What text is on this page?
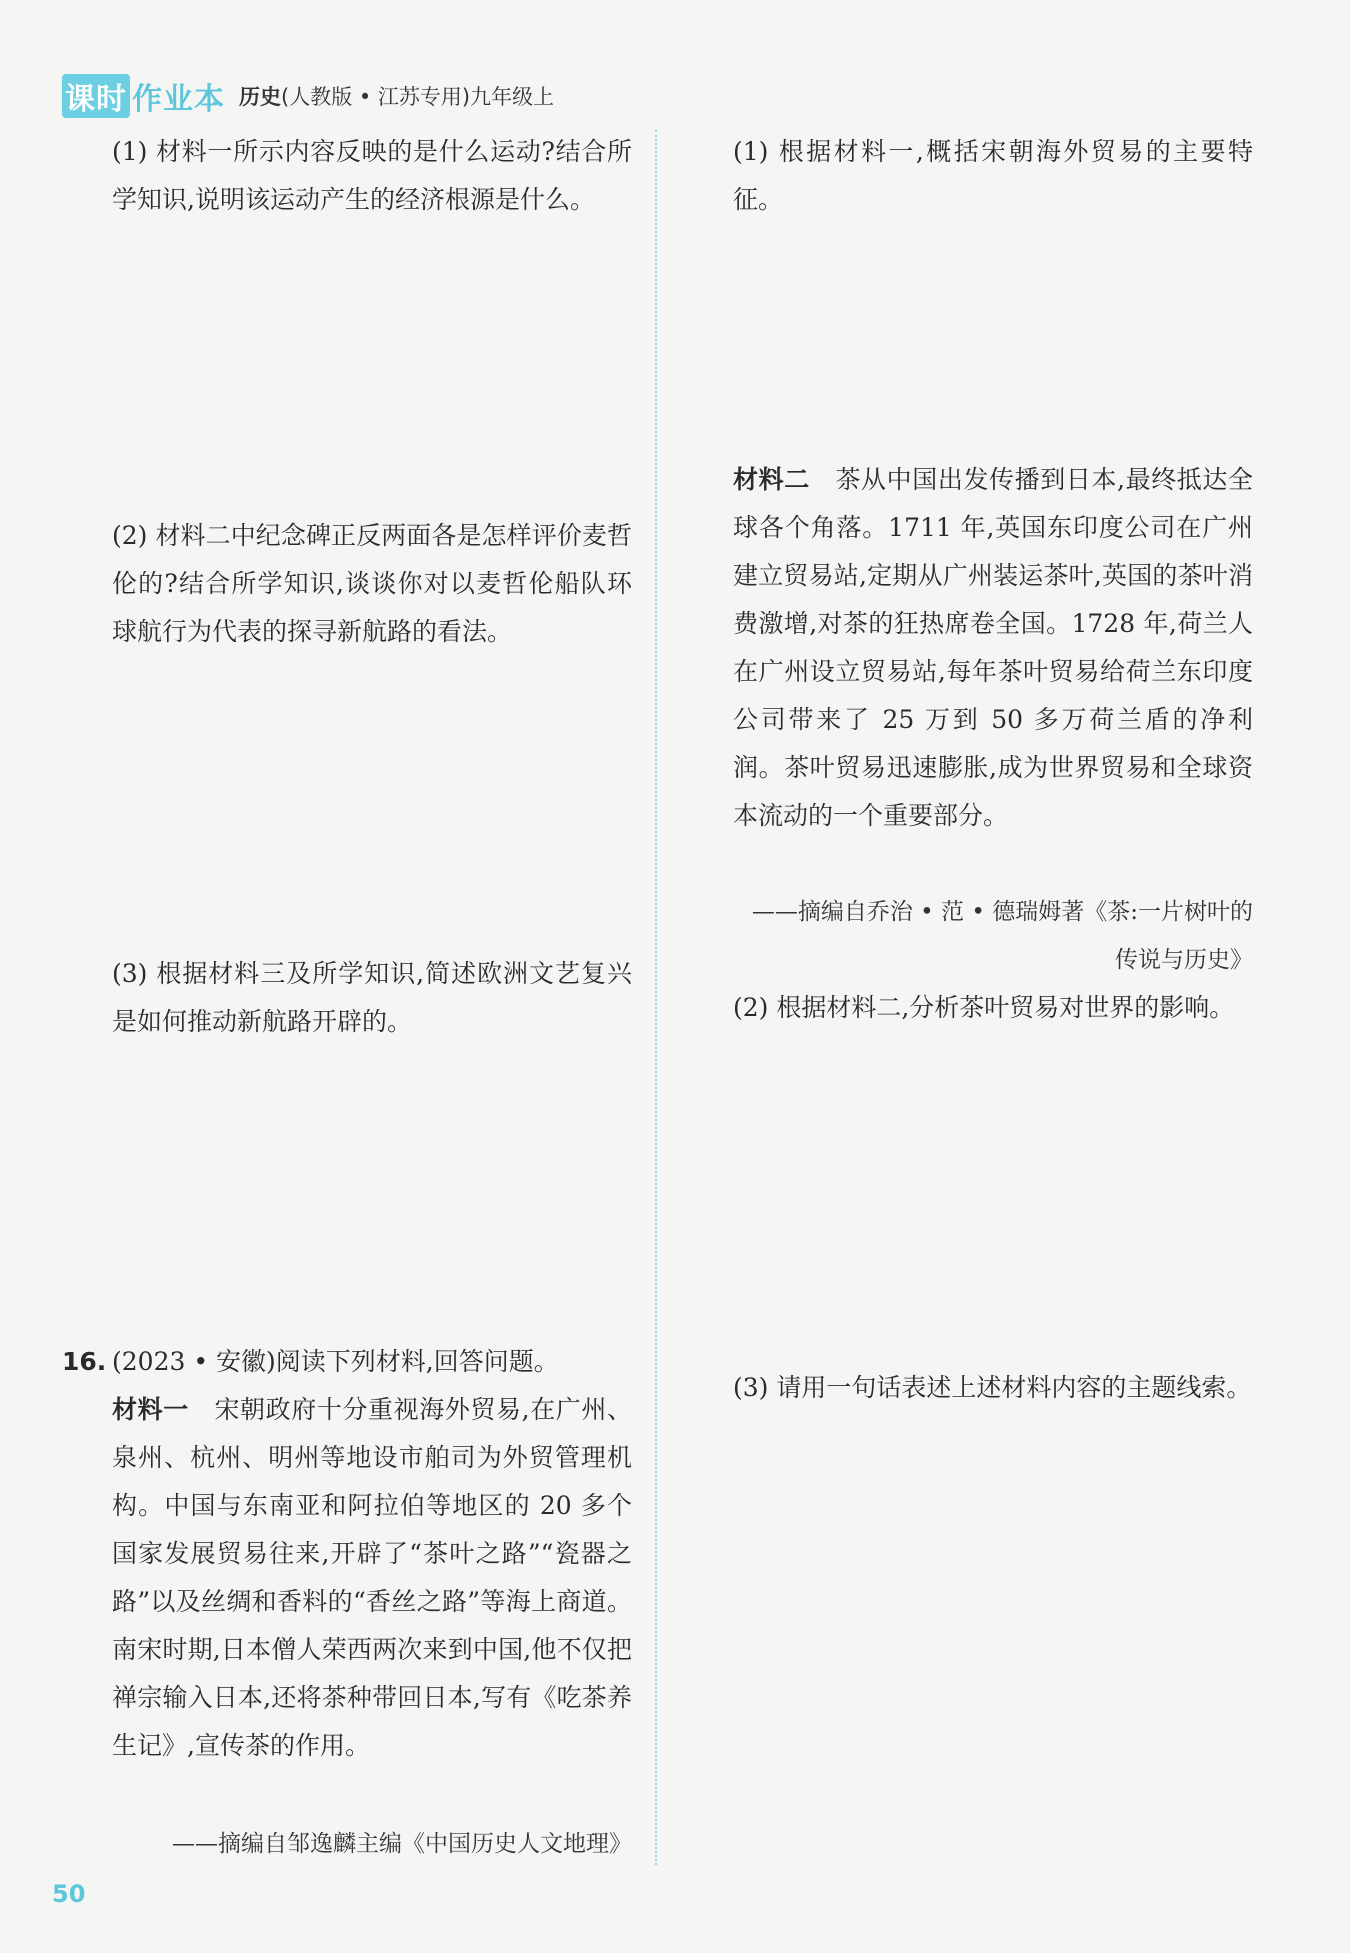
课时 作业本 历史(人教版 • 江苏专用)九年级上

(1) 材料一所示内容反映的是什么运动?结合所学知识,说明该运动产生的经济根源是什么。

(2) 材料二中纪念碑正反两面各是怎样评价麦哲伦的?结合所学知识,谈谈你对以麦哲伦船队环球航行为代表的探寻新航路的看法。

(3) 根据材料三及所学知识,简述欧洲文艺复兴是如何推动新航路开辟的。

16. (2023 • 安徽)阅读下列材料,回答问题。

材料一 宋朝政府十分重视海外贸易,在广州、泉州、杭州、明州等地设市舶司为外贸管理机构。中国与东南亚和阿拉伯等地区的 20 多个国家发展贸易往来,开辟了“茶叶之路”“瓷器之路”以及丝绸和香料的“香丝之路”等海上商道。南宋时期,日本僧人荣西两次来到中国,他不仅把禅宗输入日本,还将茶种带回日本,写有《吃茶养生记》,宣传茶的作用。

——摘编自邹逸麟主编《中国历史人文地理》

(1) 根据材料一,概括宋朝海外贸易的主要特征。

材料二 茶从中国出发传播到日本,最终抵达全球各个角落。1711 年,英国东印度公司在广州建立贸易站,定期从广州装运茶叶,英国的茶叶消费激增,对茶的狂热席卷全国。1728 年,荷兰人在广州设立贸易站,每年茶叶贸易给荷兰东印度公司带来了 25 万到 50 多万荷兰盾的净利润。茶叶贸易迅速膨胀,成为世界贸易和全球资本流动的一个重要部分。

——摘编自乔治 • 范 • 德瑞姆著《茶:一片树叶的传说与历史》

(2) 根据材料二,分析茶叶贸易对世界的影响。

(3) 请用一句话表述上述材料内容的主题线索。

50
